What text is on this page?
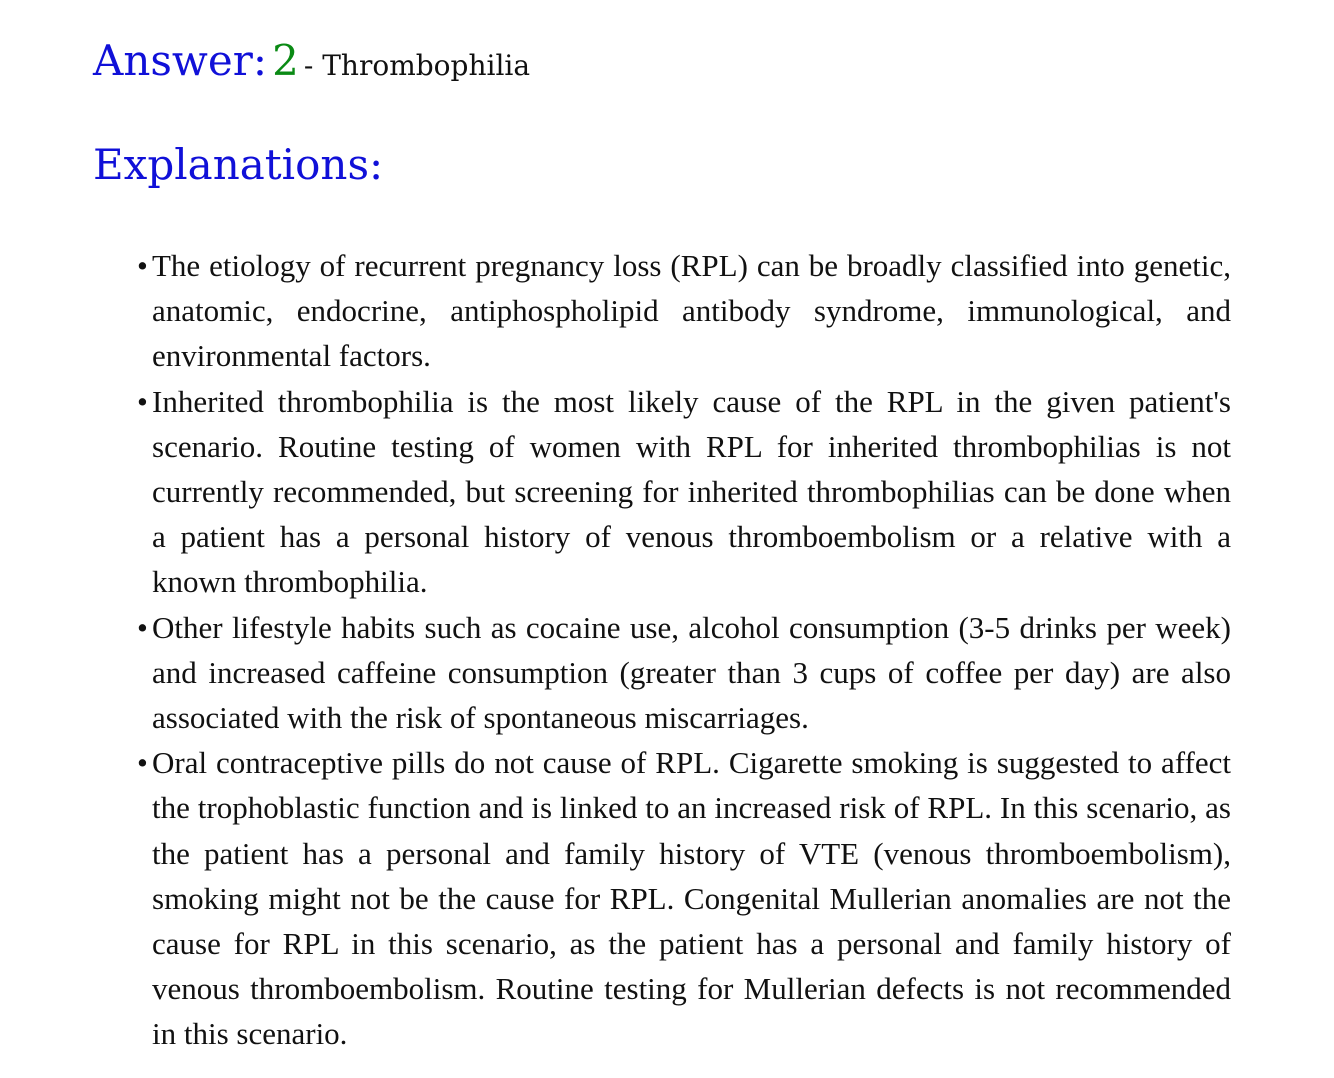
Answer: 2 - Thrombophilia
Explanations:
• The etiology of recurrent pregnancy loss (RPL) can be broadly classified into genetic, anatomic, endocrine, antiphospholipid antibody syndrome, immunological, and environmental factors.
• Inherited thrombophilia is the most likely cause of the RPL in the given patient's scenario. Routine testing of women with RPL for inherited thrombophilias is not currently recommended, but screening for inherited thrombophilias can be done when a patient has a personal history of venous thromboembolism or a relative with a known thrombophilia.
• Other lifestyle habits such as cocaine use, alcohol consumption (3-5 drinks per week) and increased caffeine consumption (greater than 3 cups of coffee per day) are also associated with the risk of spontaneous miscarriages.
• Oral contraceptive pills do not cause of RPL. Cigarette smoking is suggested to affect the trophoblastic function and is linked to an increased risk of RPL. In this scenario, as the patient has a personal and family history of VTE (venous thromboembolism), smoking might not be the cause for RPL. Congenital Mullerian anomalies are not the cause for RPL in this scenario, as the patient has a personal and family history of venous thromboembolism. Routine testing for Mullerian defects is not recommended in this scenario.
